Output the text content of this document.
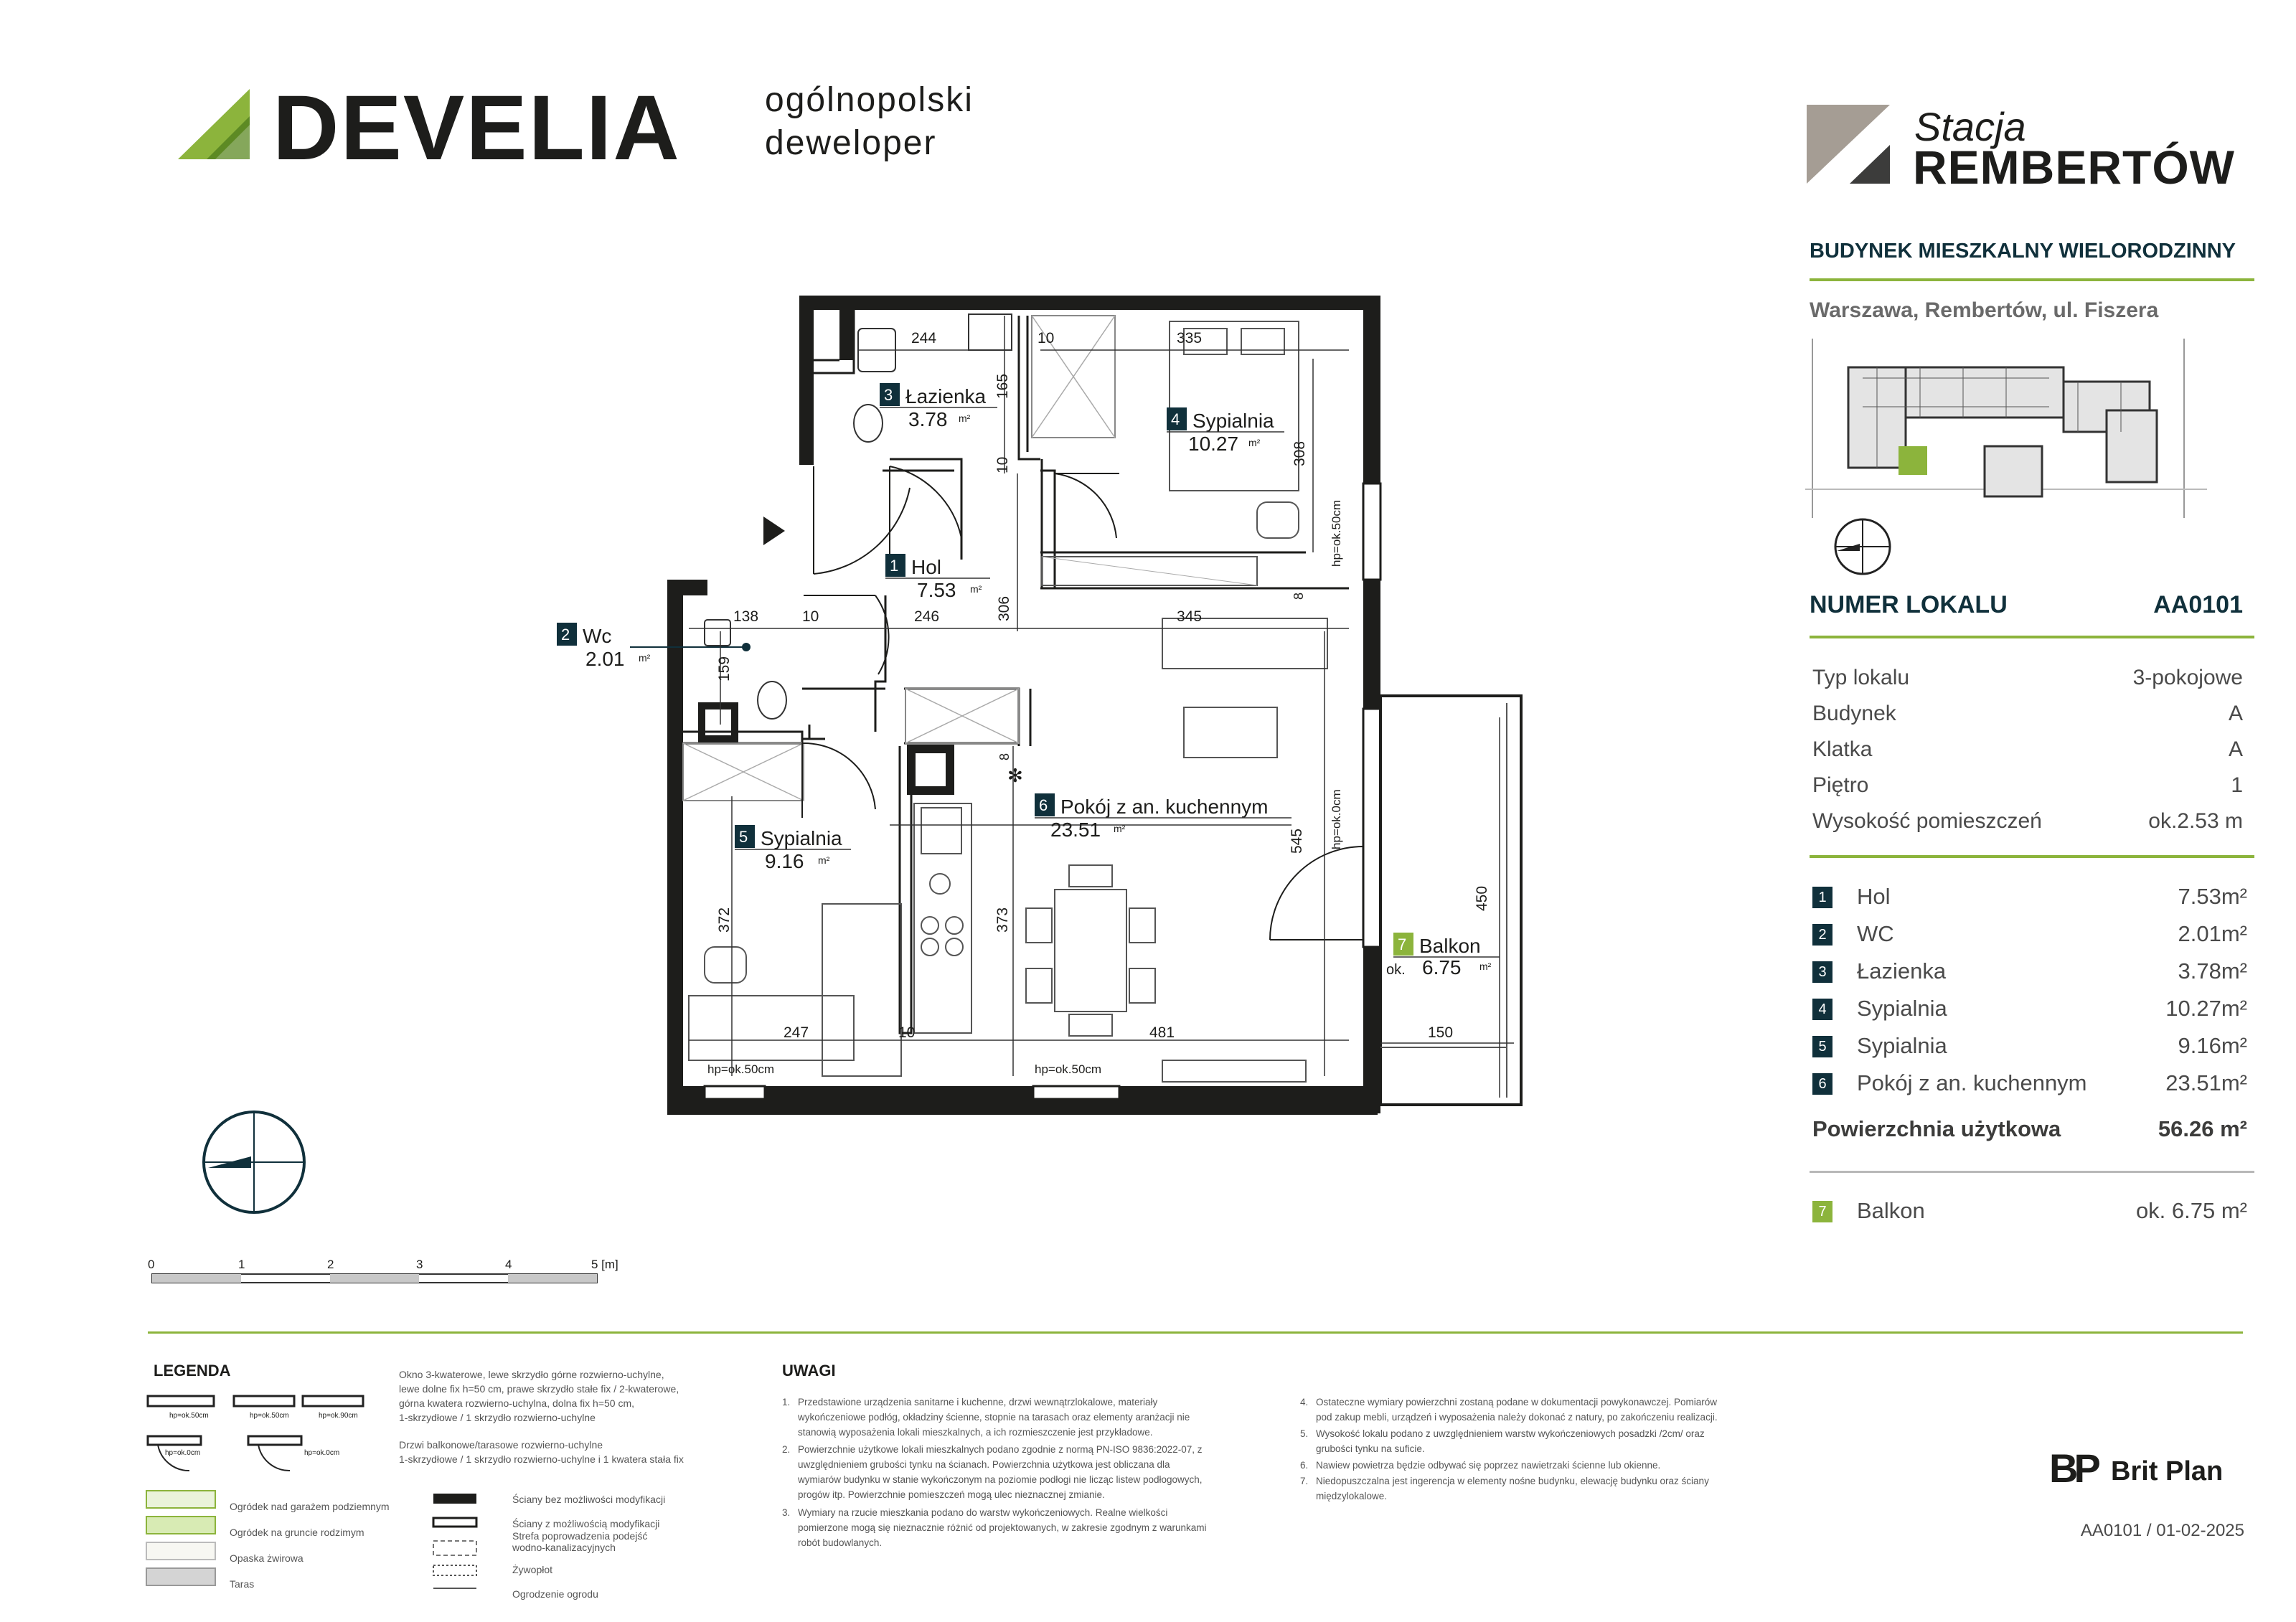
DEVELIA ogólnopolski
deweloper	Stacja
REMBERTÓW
BUDYNEK MIESZKALNY WIELORODZINNY
Warszawa, Rembertów, ul. Fiszera
NUMER LOKALU	AA0101
Typ lokalu	3-pokojowe
Budynek	A
Klatka	A
Piętro	1
Wysokość pomieszczeń	ok.2.53 m
1 Hol	7.53m²
2 WC	2.01m²
3 Łazienka	3.78m²
4 Sypialnia	10.27m²
5 Sypialnia	9.16m²
6 Pokój z an. kuchennym	23.51m²
Powierzchnia użytkowa	56.26 m²
7 Balkon	ok. 6.75 m²
✻
244	10	335
165
308
10
306
138	10	246	345
8
159
8
545
372	373
247	10	481
450
150
hp=ok.50cm
hp=ok.0cm
hp=ok.50cm	hp=ok.50cm
3 Łazienka
3.78 m²	4 Sypialnia
10.27 m²
1 Hol
7.53 m²
2 Wc
2.01 m²
6 Pokój z an. kuchennym
23.51 m²
5 Sypialnia
9.16 m²
7 Balkon
ok. 6.75 m²
0	1	2	3	4	5 [m]
LEGENDA
hp=ok.50cm	hp=ok.50cm	hp=ok.90cm
hp=ok.0cm	hp=ok.0cm
Okno 3-kwaterowe, lewe skrzydło górne rozwierno-uchylne,
lewe dolne fix h=50 cm, prawe skrzydło stałe fix / 2-kwaterowe,
górna kwatera rozwierno-uchylna, dolna fix h=50 cm,
1-skrzydłowe / 1 skrzydło rozwierno-uchylne
Drzwi balkonowe/tarasowe rozwierno-uchylne
1-skrzydłowe / 1 skrzydło rozwierno-uchylne i 1 kwatera stała fix
Ogródek nad garażem podziemnym
Ogródek na gruncie rodzimym
Opaska żwirowa
Taras
Ściany bez możliwości modyfikacji
Ściany z możliwością modyfikacji
Strefa poprowadzenia podejść
wodno-kanalizacyjnych
Żywopłot
Ogrodzenie ogrodu
UWAGI
1. Przedstawione urządzenia sanitarne i kuchenne, drzwi wewnątrzlokalowe, materiały
wykończeniowe podłóg, okładziny ścienne, stopnie na tarasach oraz elementy aranżacji nie
stanowią wyposażenia lokali mieszkalnych, a ich rozmieszczenie jest przykładowe.
2. Powierzchnie użytkowe lokali mieszkalnych podano zgodnie z normą PN-ISO 9836:2022-07, z
uwzględnieniem grubości tynku na ścianach. Powierzchnia użytkowa jest obliczana dla
wymiarów budynku w stanie wykończonym na poziomie podłogi nie licząc listew podłogowych,
progów itp. Powierzchnie pomieszczeń mogą ulec nieznacznej zmianie.
3. Wymiary na rzucie mieszkania podano do warstw wykończeniowych. Realne wielkości
pomierzone mogą się nieznacznie różnić od projektowanych, w zakresie zgodnym z warunkami
robót budowlanych.
4. Ostateczne wymiary powierzchni zostaną podane w dokumentacji powykonawczej. Pomiarów
pod zakup mebli, urządzeń i wyposażenia należy dokonać z natury, po zakończeniu realizacji.
5. Wysokość lokalu podano z uwzględnieniem warstw wykończeniowych posadzki /2cm/ oraz
grubości tynku na suficie.
6. Nawiew powietrza będzie odbywać się poprzez nawietrzaki ścienne lub okienne.
7. Niedopuszczalna jest ingerencja w elementy nośne budynku, elewację budynku oraz ściany
międzylokalowe.
BP Brit Plan
AA0101 / 01-02-2025
